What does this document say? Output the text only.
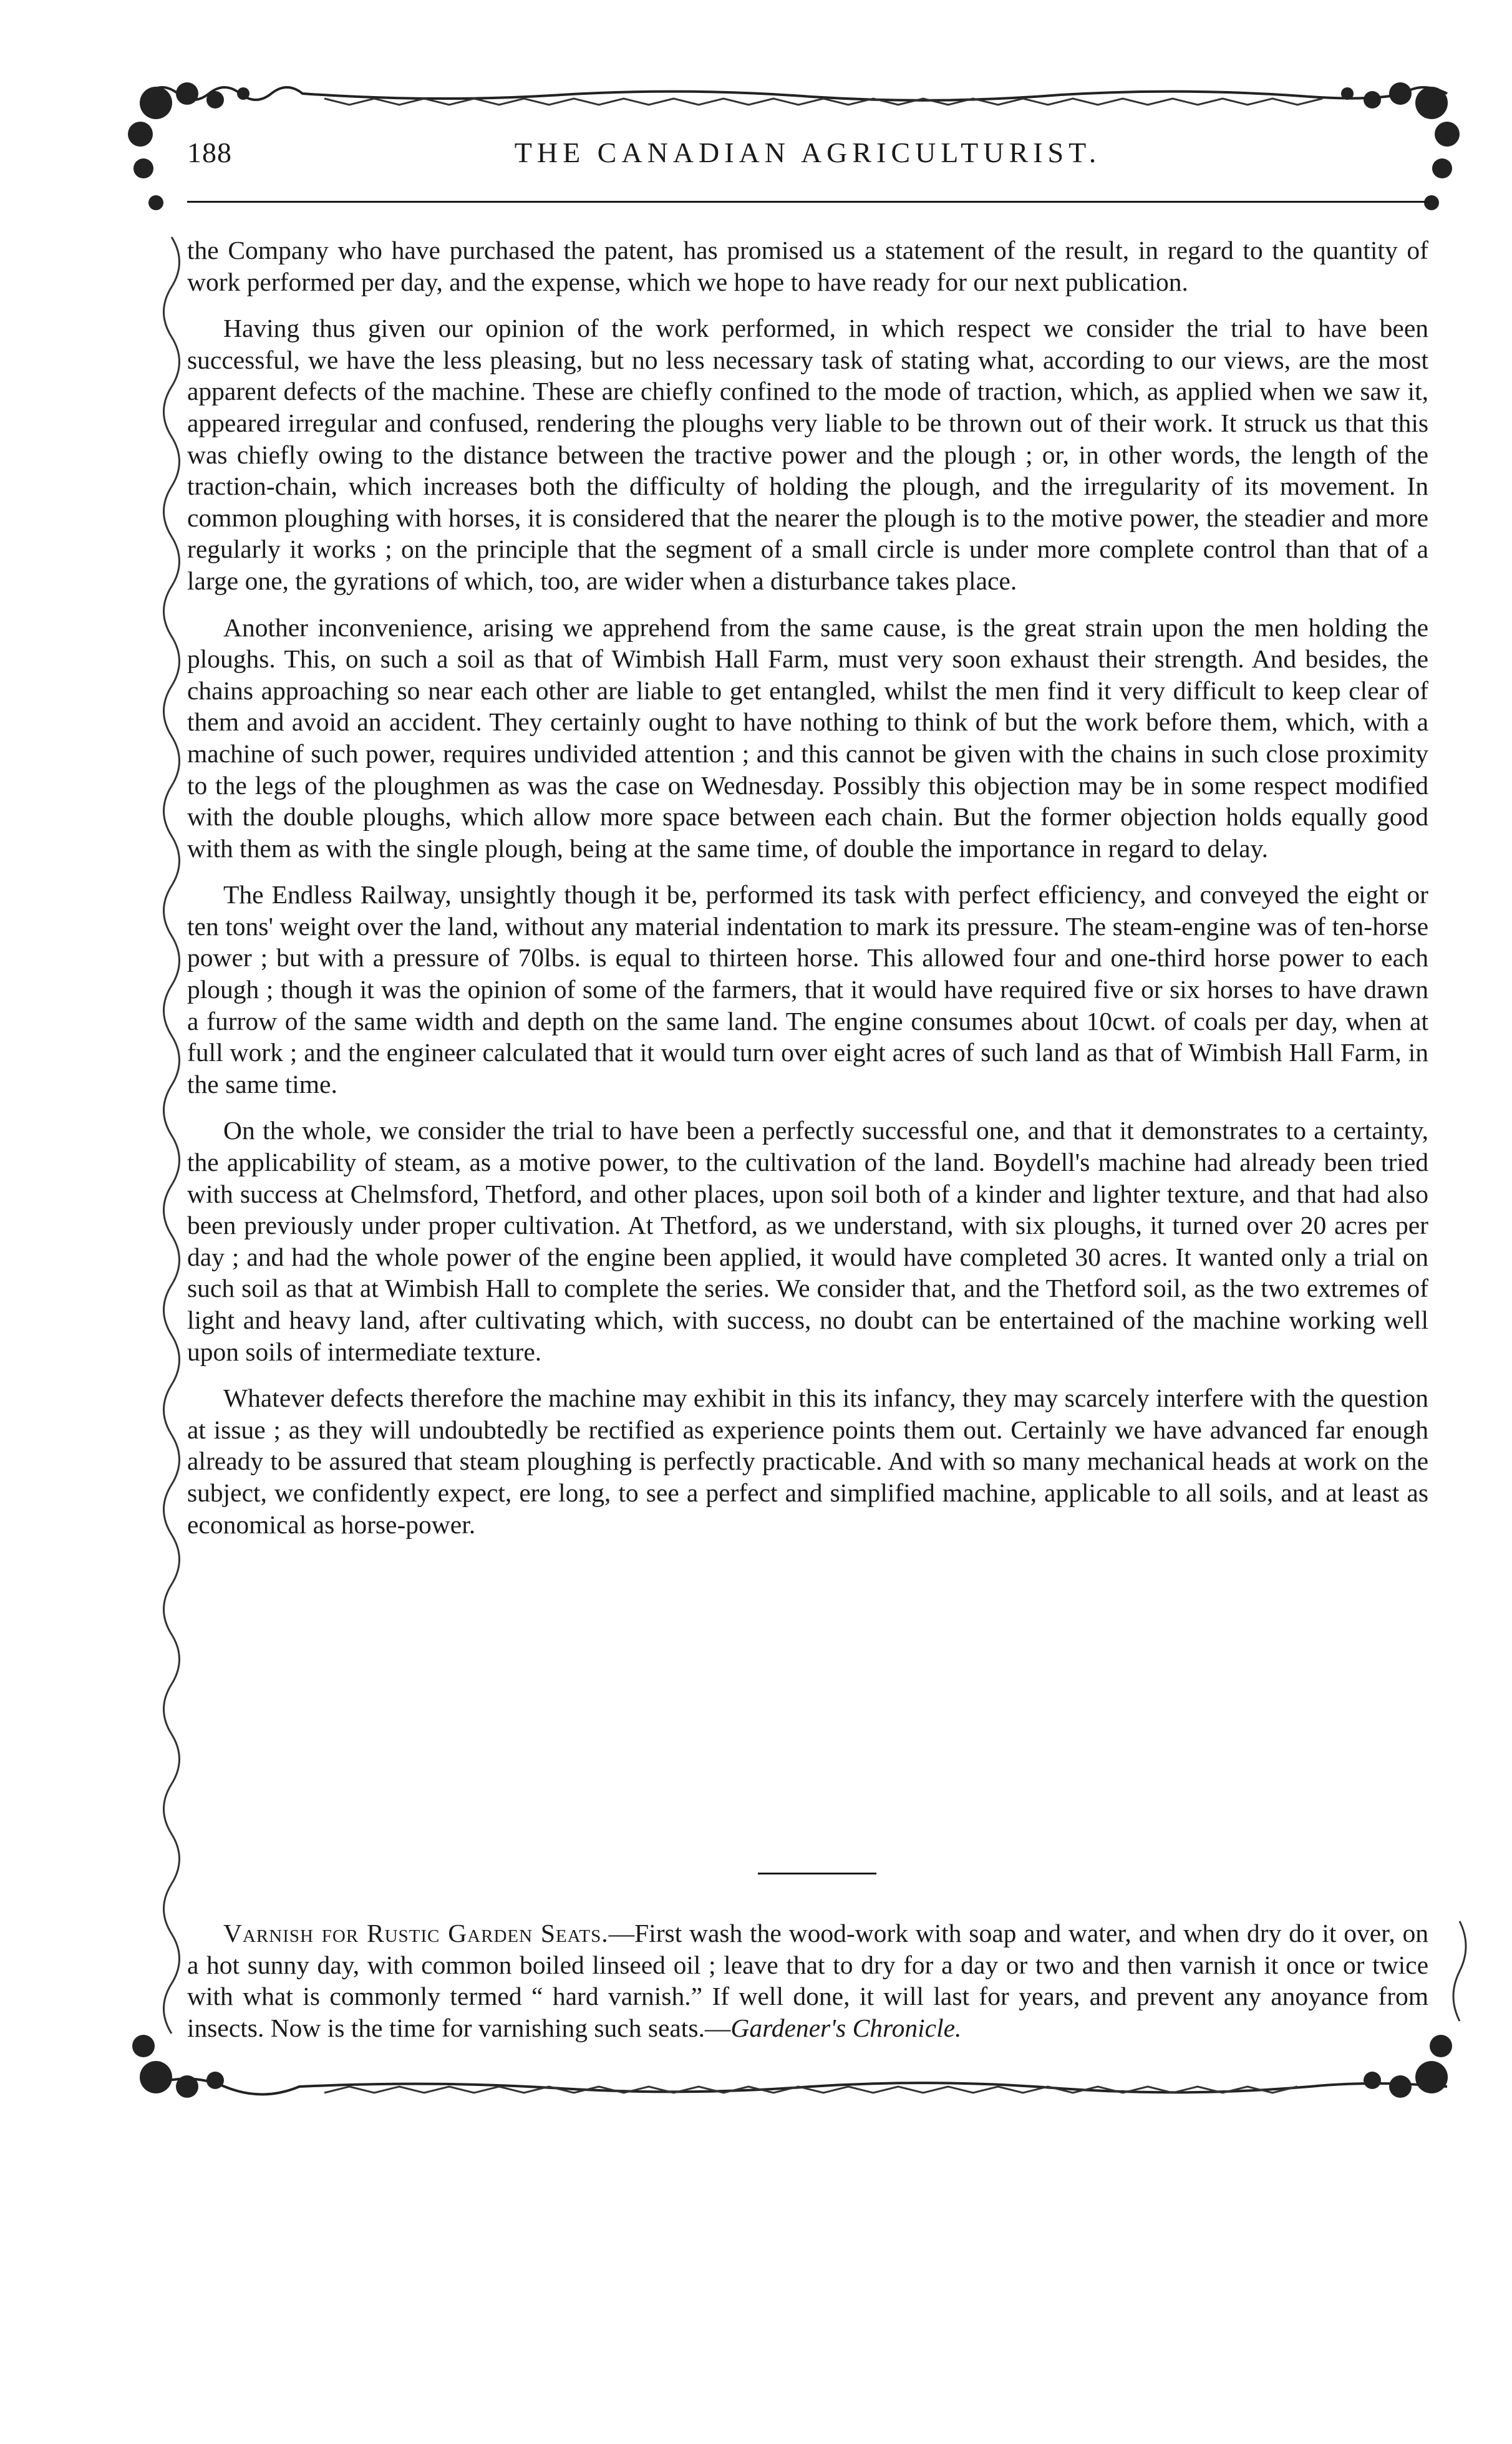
188	THE CANADIAN AGRICULTURIST.

the Company who have purchased the patent, has promised us a statement of the result, in regard to the quantity of work performed per day, and the expense, which we hope to have ready for our next publication.

Having thus given our opinion of the work performed, in which respect we consider the trial to have been successful, we have the less pleasing, but no less necessary task of stating what, according to our views, are the most apparent defects of the machine. These are chiefly confined to the mode of traction, which, as applied when we saw it, appeared irregular and confused, rendering the ploughs very liable to be thrown out of their work. It struck us that this was chiefly owing to the distance between the tractive power and the plough ; or, in other words, the length of the traction-chain, which increases both the difficulty of holding the plough, and the irregularity of its movement. In common ploughing with horses, it is considered that the nearer the plough is to the motive power, the steadier and more regularly it works ; on the principle that the segment of a small circle is under more complete control than that of a large one, the gyrations of which, too, are wider when a disturbance takes place.

Another inconvenience, arising we apprehend from the same cause, is the great strain upon the men holding the ploughs. This, on such a soil as that of Wimbish Hall Farm, must very soon exhaust their strength. And besides, the chains approaching so near each other are liable to get entangled, whilst the men find it very difficult to keep clear of them and avoid an accident. They certainly ought to have nothing to think of but the work before them, which, with a machine of such power, requires undivided attention ; and this cannot be given with the chains in such close proximity to the legs of the ploughmen as was the case on Wednesday. Possibly this objection may be in some respect modified with the double ploughs, which allow more space between each chain. But the former objection holds equally good with them as with the single plough, being at the same time, of double the importance in regard to delay.

The Endless Railway, unsightly though it be, performed its task with perfect efficiency, and conveyed the eight or ten tons' weight over the land, without any material indentation to mark its pressure. The steam-engine was of ten-horse power ; but with a pressure of 70lbs. is equal to thirteen horse. This allowed four and one-third horse power to each plough ; though it was the opinion of some of the farmers, that it would have required five or six horses to have drawn a furrow of the same width and depth on the same land. The engine consumes about 10cwt. of coals per day, when at full work ; and the engineer calculated that it would turn over eight acres of such land as that of Wimbish Hall Farm, in the same time.

On the whole, we consider the trial to have been a perfectly successful one, and that it demonstrates to a certainty, the applicability of steam, as a motive power, to the cultivation of the land. Boydell's machine had already been tried with success at Chelmsford, Thetford, and other places, upon soil both of a kinder and lighter texture, and that had also been previously under proper cultivation. At Thetford, as we understand, with six ploughs, it turned over 20 acres per day ; and had the whole power of the engine been applied, it would have completed 30 acres. It wanted only a trial on such soil as that at Wimbish Hall to complete the series. We consider that, and the Thetford soil, as the two extremes of light and heavy land, after cultivating which, with success, no doubt can be entertained of the machine working well upon soils of intermediate texture.

Whatever defects therefore the machine may exhibit in this its infancy, they may scarcely interfere with the question at issue ; as they will undoubtedly be rectified as experience points them out. Certainly we have advanced far enough already to be assured that steam ploughing is perfectly practicable. And with so many mechanical heads at work on the subject, we confidently expect, ere long, to see a perfect and simplified machine, applicable to all soils, and at least as economical as horse-power.

Varnish for Rustic Garden Seats.—First wash the wood-work with soap and water, and when dry do it over, on a hot sunny day, with common boiled linseed oil ; leave that to dry for a day or two and then varnish it once or twice with what is commonly termed “ hard varnish.” If well done, it will last for years, and prevent any anoyance from insects. Now is the time for varnishing such seats.—Gardener's Chronicle.
